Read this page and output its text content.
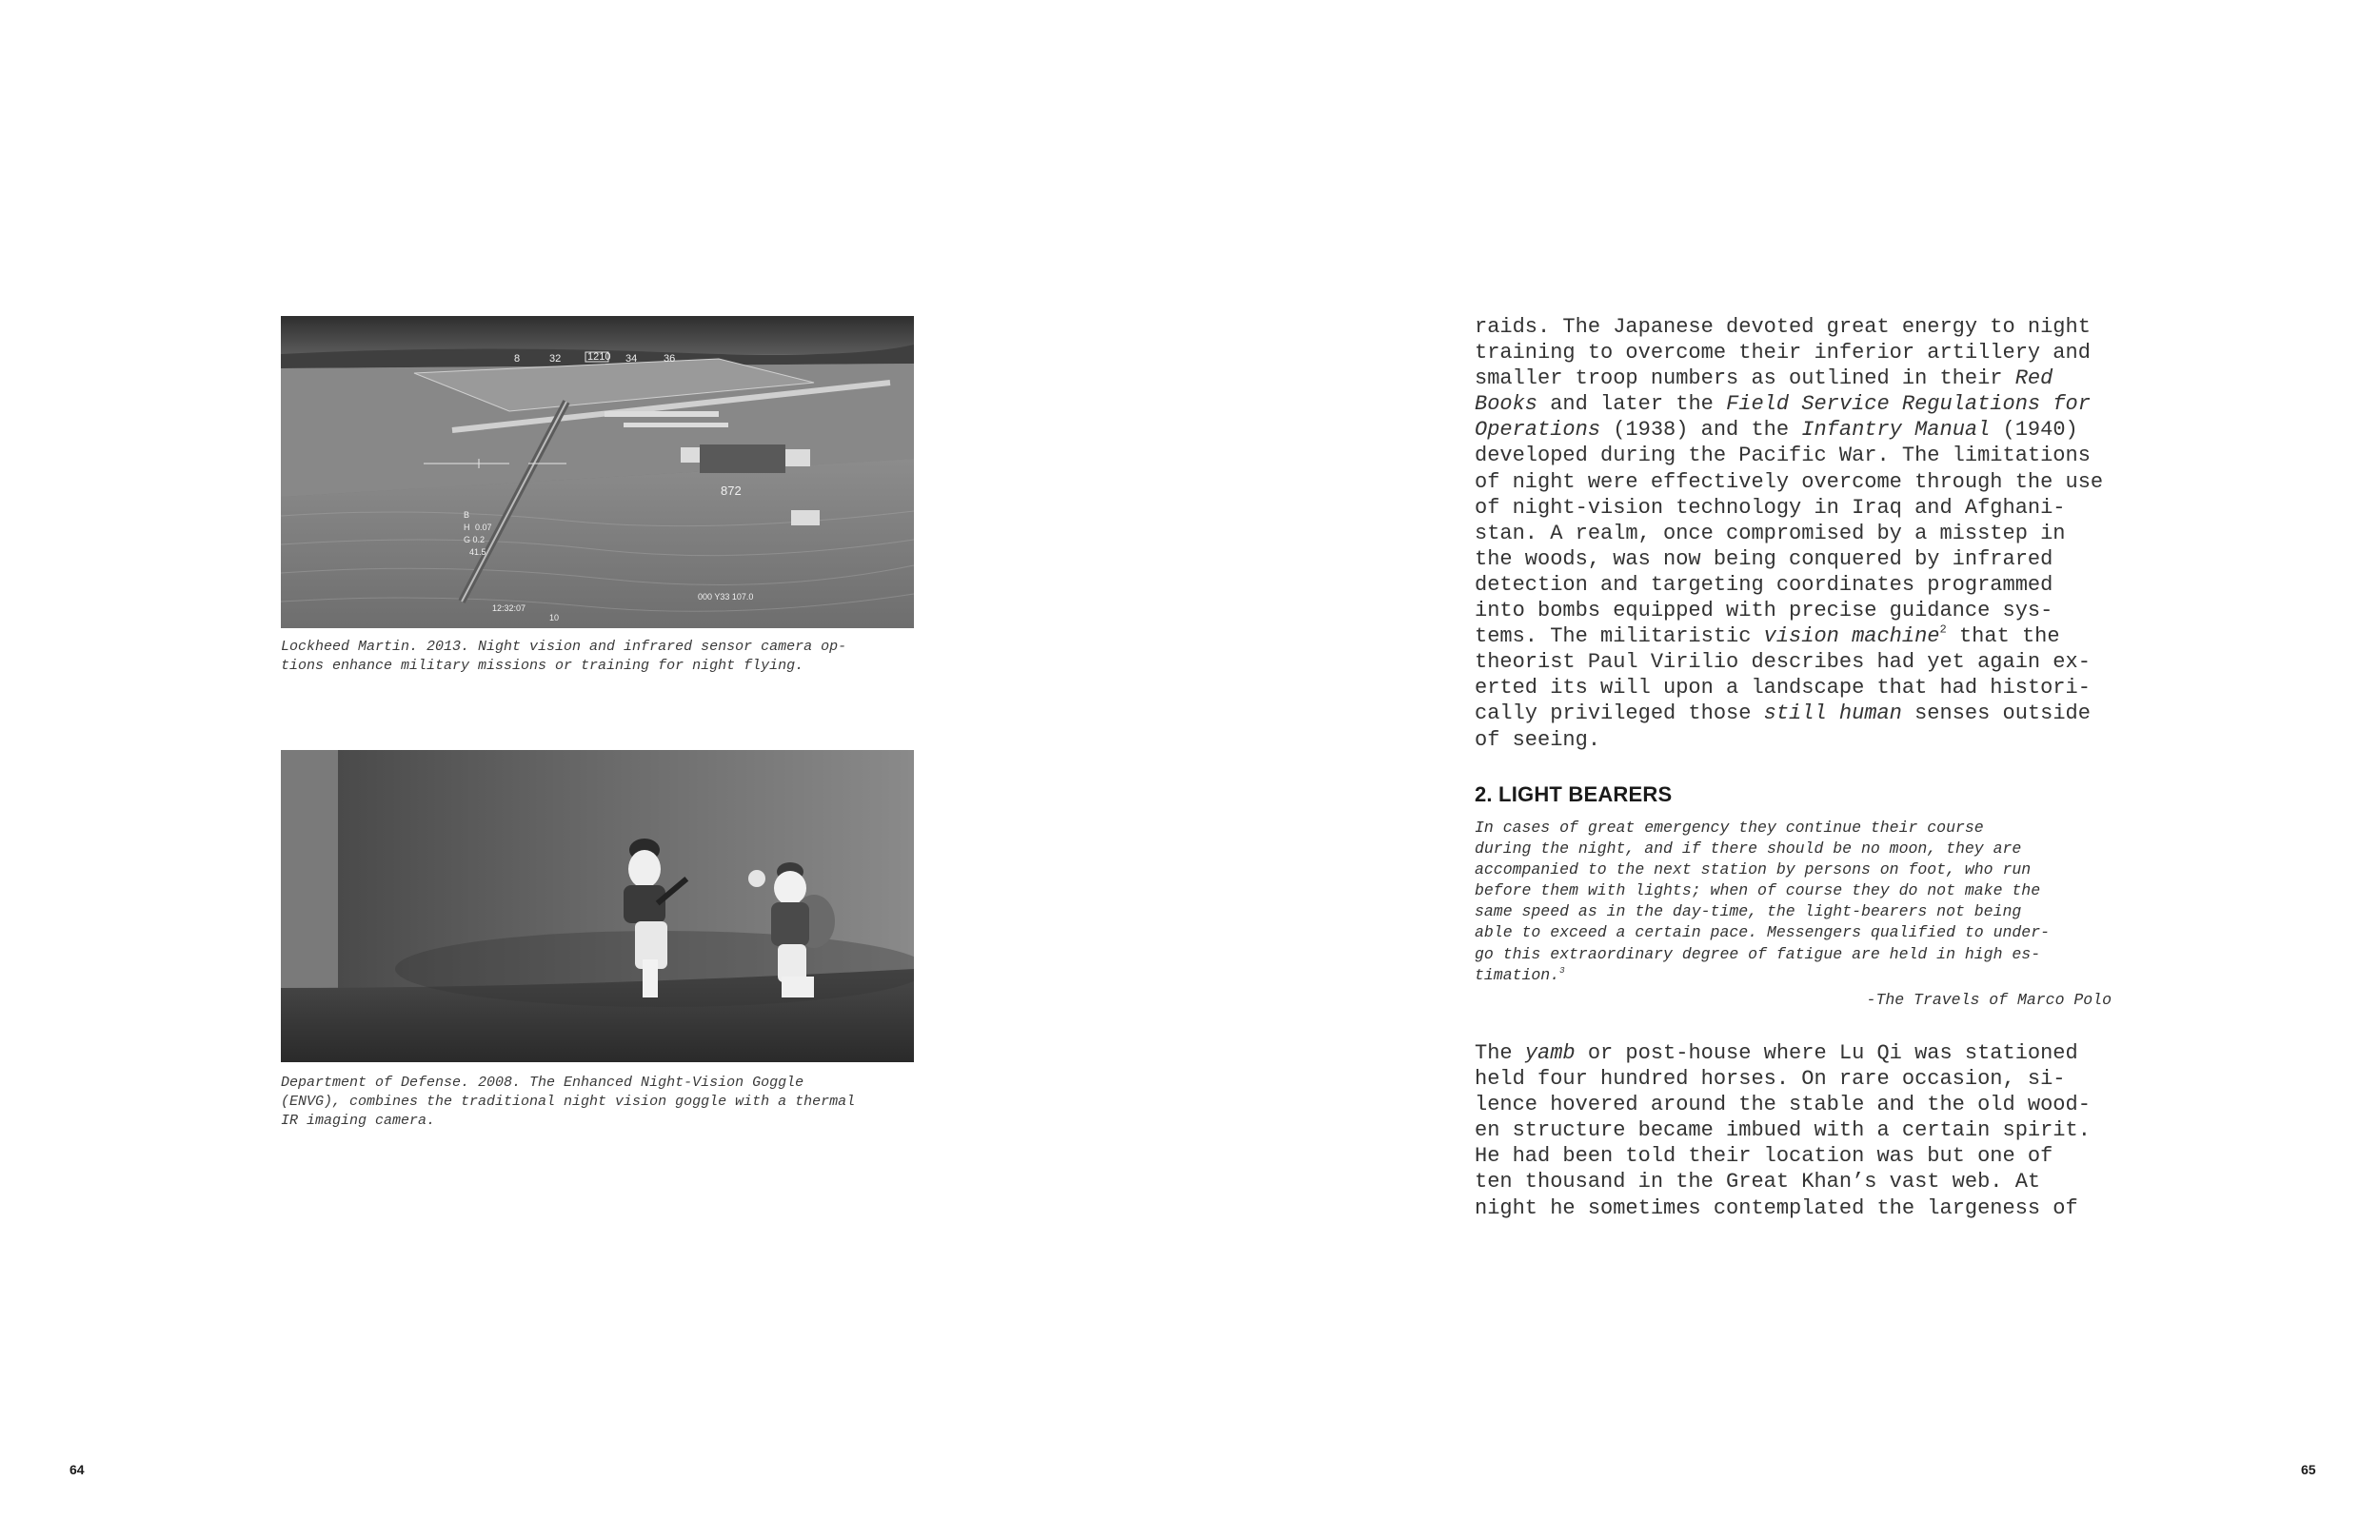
8	32	1210 34	36
872
B
H 0.07
G 0.2
41.5
12:32:07
10
000 Y33 107.0

Lockheed Martin. 2013. Night vision and infrared sensor camera op-
tions enhance military missions or training for night flying.

Department of Defense. 2008. The Enhanced Night-Vision Goggle
(ENVG), combines the traditional night vision goggle with a thermal
IR imaging camera.

64
raids. The Japanese devoted great energy to night
training to overcome their inferior artillery and
smaller troop numbers as outlined in their Red
Books and later the Field Service Regulations for
Operations (1938) and the Infantry Manual (1940)
developed during the Pacific War. The limitations
of night were effectively overcome through the use
of night-vision technology in Iraq and Afghani-
stan. A realm, once compromised by a misstep in
the woods, was now being conquered by infrared
detection and targeting coordinates programmed
into bombs equipped with precise guidance sys-
tems. The militaristic vision machine$^2$ that the
theorist Paul Virilio describes had yet again ex-
erted its will upon a landscape that had histori-
cally privileged those still human senses outside
of seeing.
2. LIGHT BEARERS
In cases of great emergency they continue their course
during the night, and if there should be no moon, they are
accompanied to the next station by persons on foot, who run
before them with lights; when of course they do not make the
same speed as in the day-time, the light-bearers not being
able to exceed a certain pace. Messengers qualified to under-
go this extraordinary degree of fatigue are held in high es-
timation.$^3$
-The Travels of Marco Polo
The yamb or post-house where Lu Qi was stationed
held four hundred horses. On rare occasion, si-
lence hovered around the stable and the old wood-
en structure became imbued with a certain spirit.
He had been told their location was but one of
ten thousand in the Great Khan’s vast web. At
night he sometimes contemplated the largeness of
65
